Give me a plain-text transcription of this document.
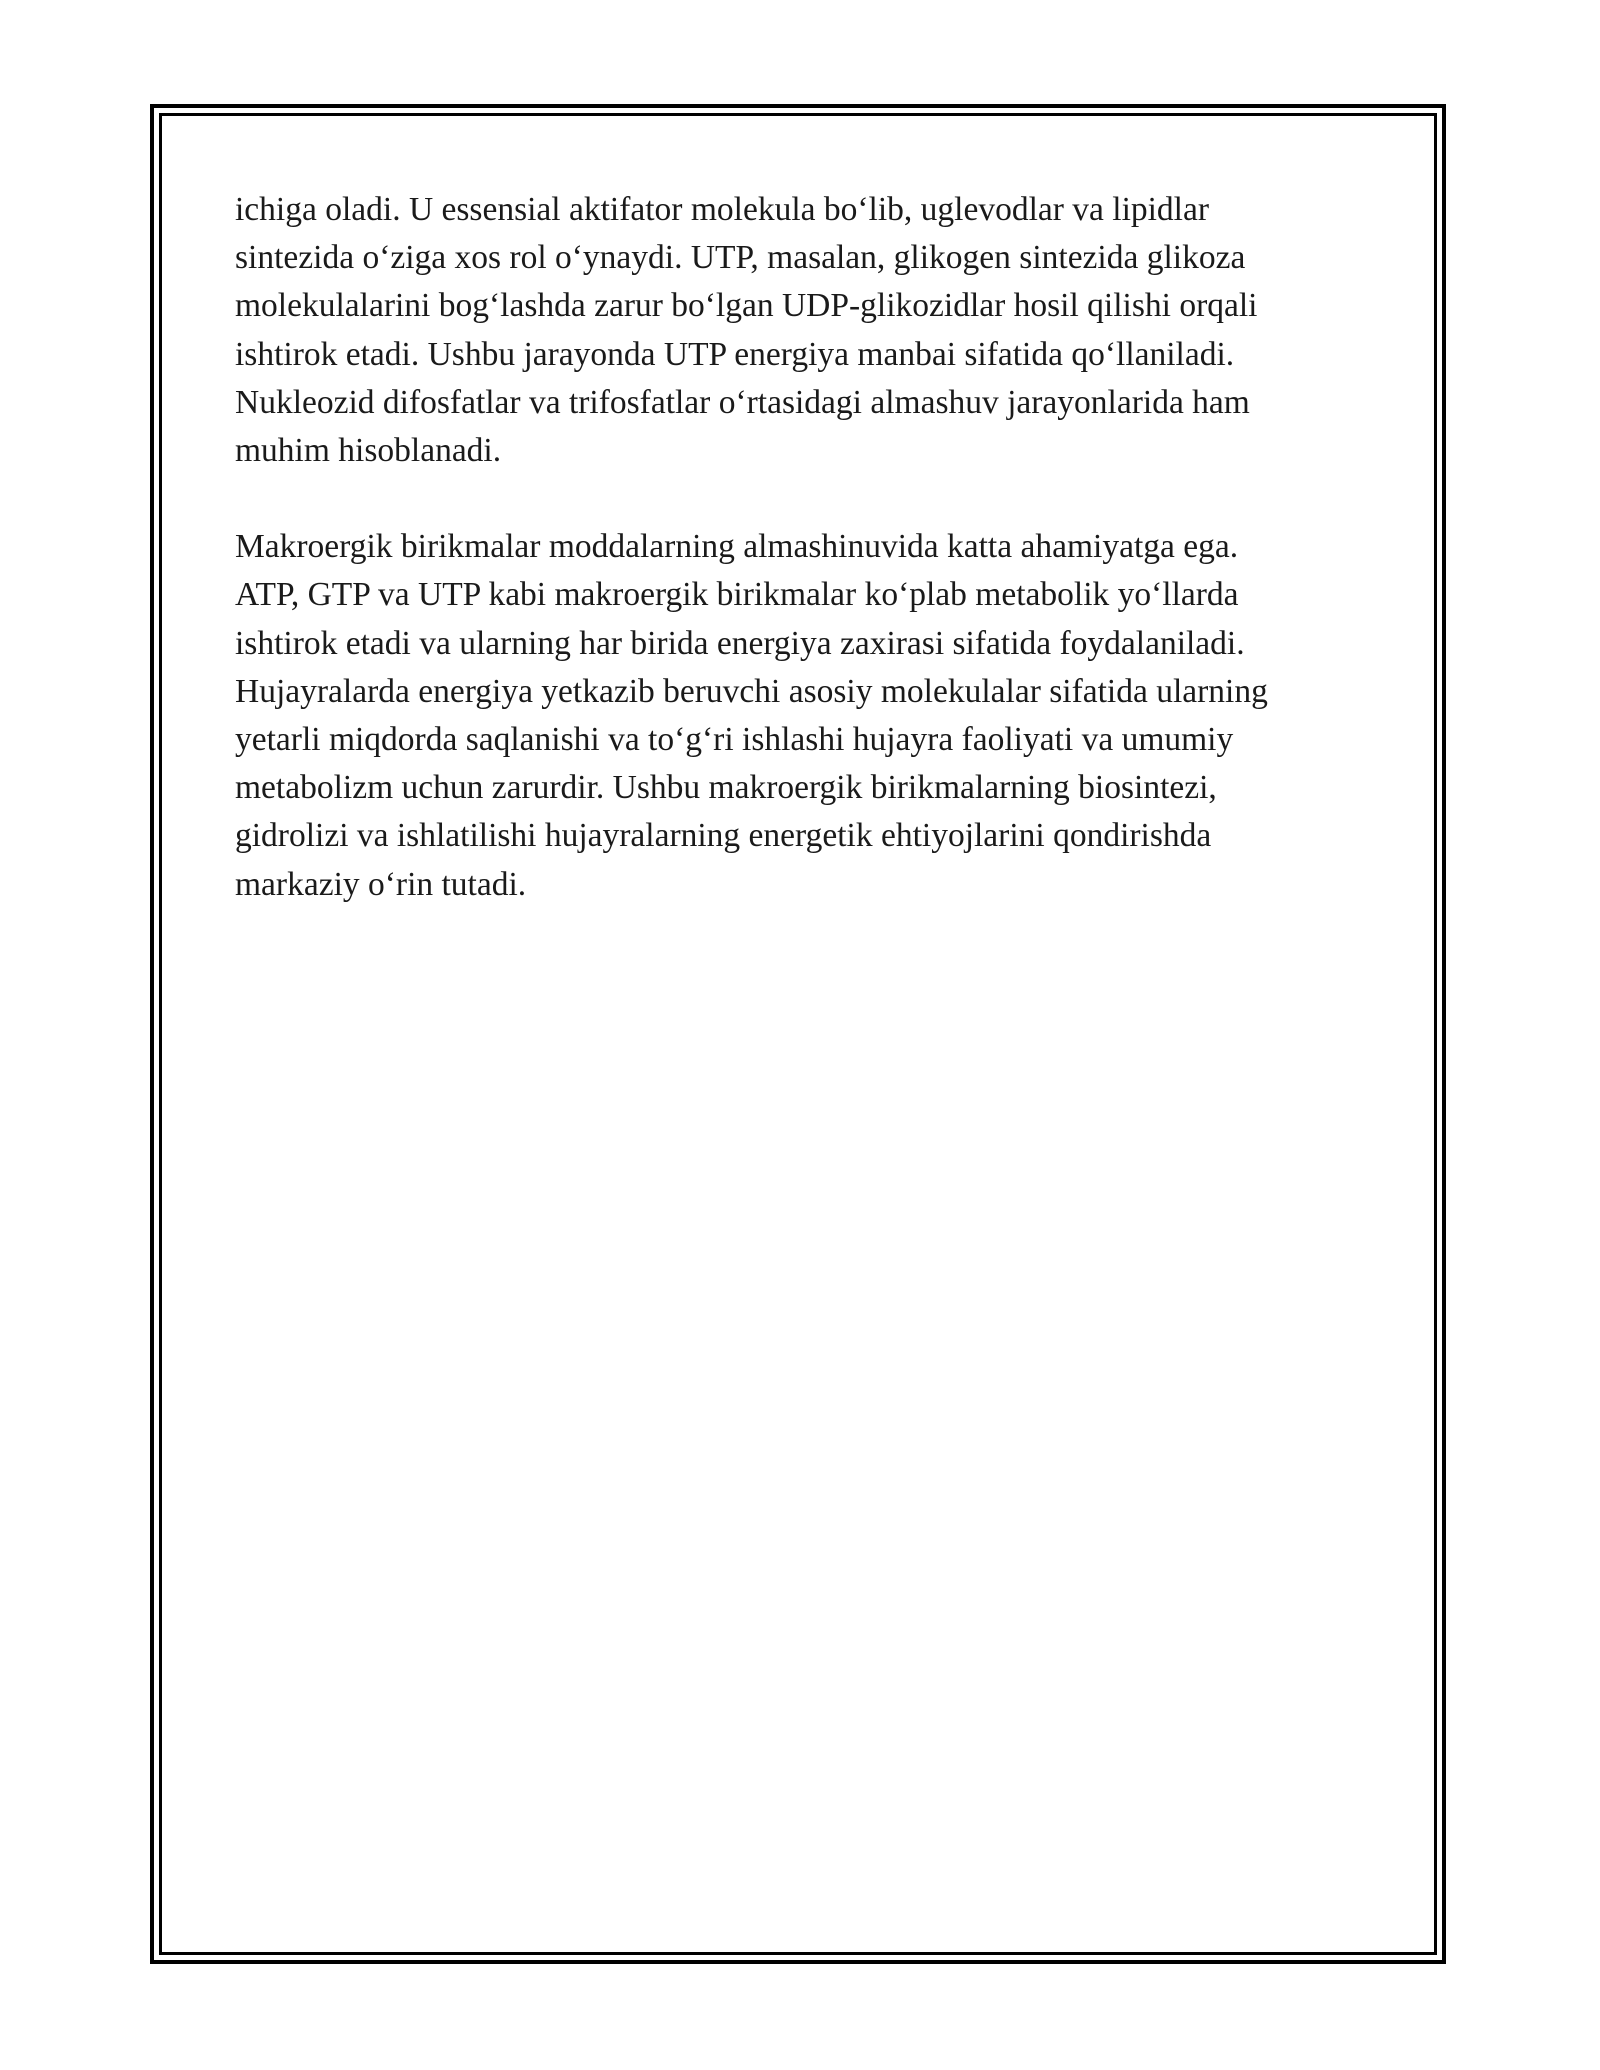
ichiga oladi. U essensial aktifator molekula bo‘lib, uglevodlar va lipidlar
sintezida o‘ziga xos rol o‘ynaydi. UTP, masalan, glikogen sintezida glikoza
molekulalarini bog‘lashda zarur bo‘lgan UDP-glikozidlar hosil qilishi orqali
ishtirok etadi. Ushbu jarayonda UTP energiya manbai sifatida qo‘llaniladi.
Nukleozid difosfatlar va trifosfatlar o‘rtasidagi almashuv jarayonlarida ham
muhim hisoblanadi.

Makroergik birikmalar moddalarning almashinuvida katta ahamiyatga ega.
ATP, GTP va UTP kabi makroergik birikmalar ko‘plab metabolik yo‘llarda
ishtirok etadi va ularning har birida energiya zaxirasi sifatida foydalaniladi.
Hujayralarda energiya yetkazib beruvchi asosiy molekulalar sifatida ularning
yetarli miqdorda saqlanishi va to‘g‘ri ishlashi hujayra faoliyati va umumiy
metabolizm uchun zarurdir. Ushbu makroergik birikmalarning biosintezi,
gidrolizi va ishlatilishi hujayralarning energetik ehtiyojlarini qondirishda
markaziy o‘rin tutadi.
